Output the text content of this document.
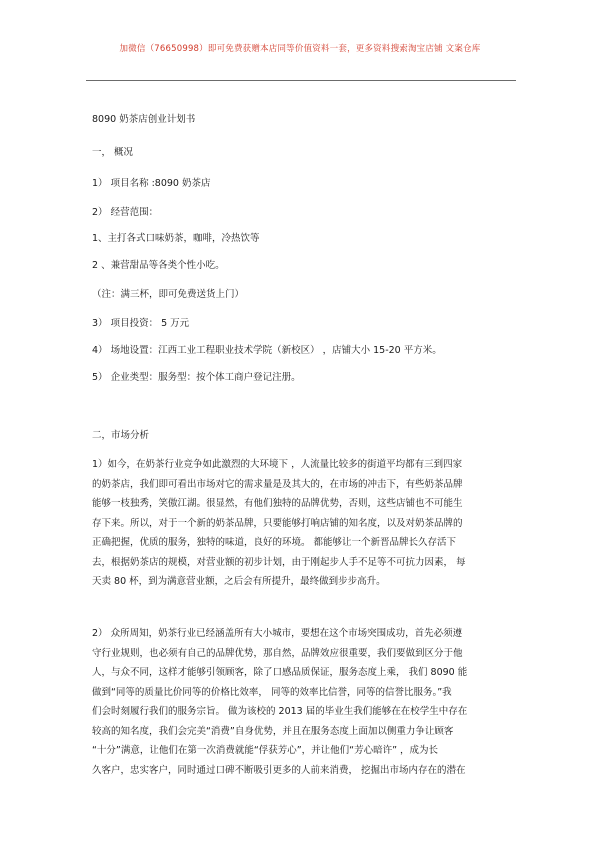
加微信（76650998）即可免费获赠本店同等价值资料一套，更多资料搜索淘宝店铺 文案仓库
8090 奶茶店创业计划书
一， 概况
1） 项目名称 :8090 奶茶店
2） 经营范围：
1、主打各式口味奶茶，咖啡，冷热饮等
2 、兼营甜品等各类个性小吃。
（注：满三杯，即可免费送货上门）
3） 项目投资： 5 万元
4） 场地设置：江西工业工程职业技术学院（新校区） ，店铺大小 15-20 平方米。
5） 企业类型：服务型：按个体工商户登记注册。
二，市场分析
1）如今，在奶茶行业竞争如此激烈的大环境下 ，人流量比较多的街道平均都有三到四家
的奶茶店，我们即可看出市场对它的需求量是及其大的，在市场的冲击下，有些奶茶品牌
能够一枝独秀，笑傲江湖。很显然，有他们独特的品牌优势，否则，这些店铺也不可能生
存下来。所以，对于一个新的奶茶品牌，只要能够打响店铺的知名度，以及对奶茶品牌的
正确把握，优质的服务，独特的味道，良好的环境。 都能够让一个新晋品牌长久存活下
去，根据奶茶店的规模，对营业额的初步计划，由于刚起步人手不足等不可抗力因素， 每
天卖 80 杯，到为满意营业额，之后会有所提升，最终做到步步高升。
2） 众所周知，奶茶行业已经涵盖所有大小城市，要想在这个市场突围成功，首先必须遵
守行业规则，也必须有自己的品牌优势，那自然，品牌效应很重要，我们要做到区分于他
人，与众不同，这样才能够引领顾客，除了口感品质保证，服务态度上乘， 我们 8090 能
做到“同等的质量比价同等的价格比效率， 同等的效率比信誉，同等的信誉比服务。”我
们会时刻履行我们的服务宗旨。 做为该校的 2013 届的毕业生我们能够在在校学生中存在
较高的知名度，我们会完美“消费”自身优势，并且在服务态度上面加以侧重力争让顾客
“十分”满意，让他们在第一次消费就能“俘获芳心”，并让他们“芳心暗许” ，成为长
久客户，忠实客户，同时通过口碑不断吸引更多的人前来消费， 挖掘出市场内存在的潜在
